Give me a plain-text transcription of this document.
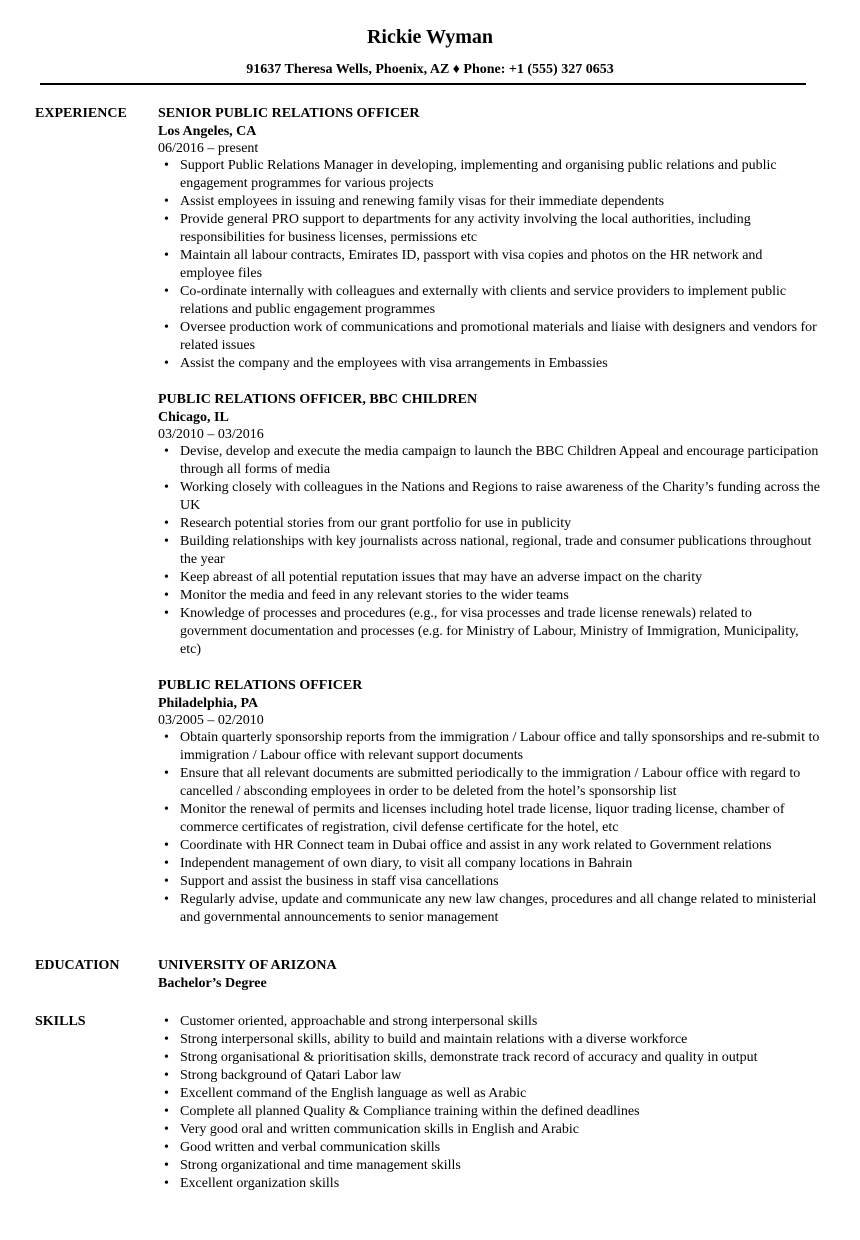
Rickie Wyman
91637 Theresa Wells, Phoenix, AZ ♦ Phone: +1 (555) 327 0653
EXPERIENCE	SENIOR PUBLIC RELATIONS OFFICER
Los Angeles, CA
06/2016 – present
• Support Public Relations Manager in developing, implementing and organising public relations and public engagement programmes for various projects
• Assist employees in issuing and renewing family visas for their immediate dependents
• Provide general PRO support to departments for any activity involving the local authorities, including responsibilities for business licenses, permissions etc
• Maintain all labour contracts, Emirates ID, passport with visa copies and photos on the HR network and employee files
• Co-ordinate internally with colleagues and externally with clients and service providers to implement public relations and public engagement programmes
• Oversee production work of communications and promotional materials and liaise with designers and vendors for related issues
• Assist the company and the employees with visa arrangements in Embassies
PUBLIC RELATIONS OFFICER, BBC CHILDREN
Chicago, IL
03/2010 – 03/2016
• Devise, develop and execute the media campaign to launch the BBC Children Appeal and encourage participation through all forms of media
• Working closely with colleagues in the Nations and Regions to raise awareness of the Charity’s funding across the UK
• Research potential stories from our grant portfolio for use in publicity
• Building relationships with key journalists across national, regional, trade and consumer publications throughout the year
• Keep abreast of all potential reputation issues that may have an adverse impact on the charity
• Monitor the media and feed in any relevant stories to the wider teams
• Knowledge of processes and procedures (e.g., for visa processes and trade license renewals) related to government documentation and processes (e.g. for Ministry of Labour, Ministry of Immigration, Municipality, etc)
PUBLIC RELATIONS OFFICER
Philadelphia, PA
03/2005 – 02/2010
• Obtain quarterly sponsorship reports from the immigration / Labour office and tally sponsorships and re-submit to immigration / Labour office with relevant support documents
• Ensure that all relevant documents are submitted periodically to the immigration / Labour office with regard to cancelled / absconding employees in order to be deleted from the hotel’s sponsorship list
• Monitor the renewal of permits and licenses including hotel trade license, liquor trading license, chamber of commerce certificates of registration, civil defense certificate for the hotel, etc
• Coordinate with HR Connect team in Dubai office and assist in any work related to Government relations
• Independent management of own diary, to visit all company locations in Bahrain
• Support and assist the business in staff visa cancellations
• Regularly advise, update and communicate any new law changes, procedures and all change related to ministerial and governmental announcements to senior management
EDUCATION	UNIVERSITY OF ARIZONA
Bachelor’s Degree
SKILLS	• Customer oriented, approachable and strong interpersonal skills
• Strong interpersonal skills, ability to build and maintain relations with a diverse workforce
• Strong organisational & prioritisation skills, demonstrate track record of accuracy and quality in output
• Strong background of Qatari Labor law
• Excellent command of the English language as well as Arabic
• Complete all planned Quality & Compliance training within the defined deadlines
• Very good oral and written communication skills in English and Arabic
• Good written and verbal communication skills
• Strong organizational and time management skills
• Excellent organization skills
